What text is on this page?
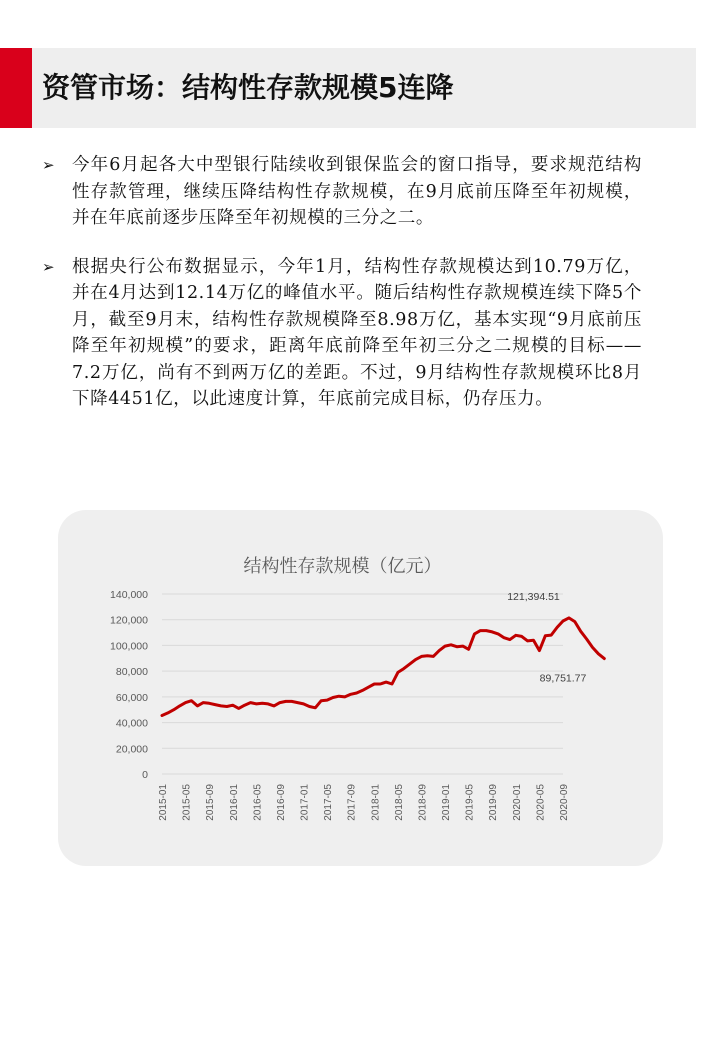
资管市场：结构性存款规模5连降
➢ 今年6月起各大中型银行陆续收到银保监会的窗口指导，要求规范结构性存款管理，继续压降结构性存款规模，在9月底前压降至年初规模，并在年底前逐步压降至年初规模的三分之二。
➢ 根据央行公布数据显示，今年1月，结构性存款规模达到10.79万亿，并在4月达到12.14万亿的峰值水平。随后结构性存款规模连续下降5个月，截至9月末，结构性存款规模降至8.98万亿，基本实现“9月底前压降至年初规模”的要求，距离年底前降至年初三分之二规模的目标——7.2万亿，尚有不到两万亿的差距。不过，9月结构性存款规模环比8月下降4451亿，以此速度计算，年底前完成目标，仍存压力。
结构性存款规模（亿元）
0
20,000
40,000
60,000
80,000
100,000
120,000
140,000
2015-01 2015-05 2015-09 2016-01 2016-05 2016-09 2017-01 2017-05 2017-09 2018-01 2018-05 2018-09 2019-01 2019-05 2019-09 2020-01 2020-05 2020-09
121,394.51
89,751.77
